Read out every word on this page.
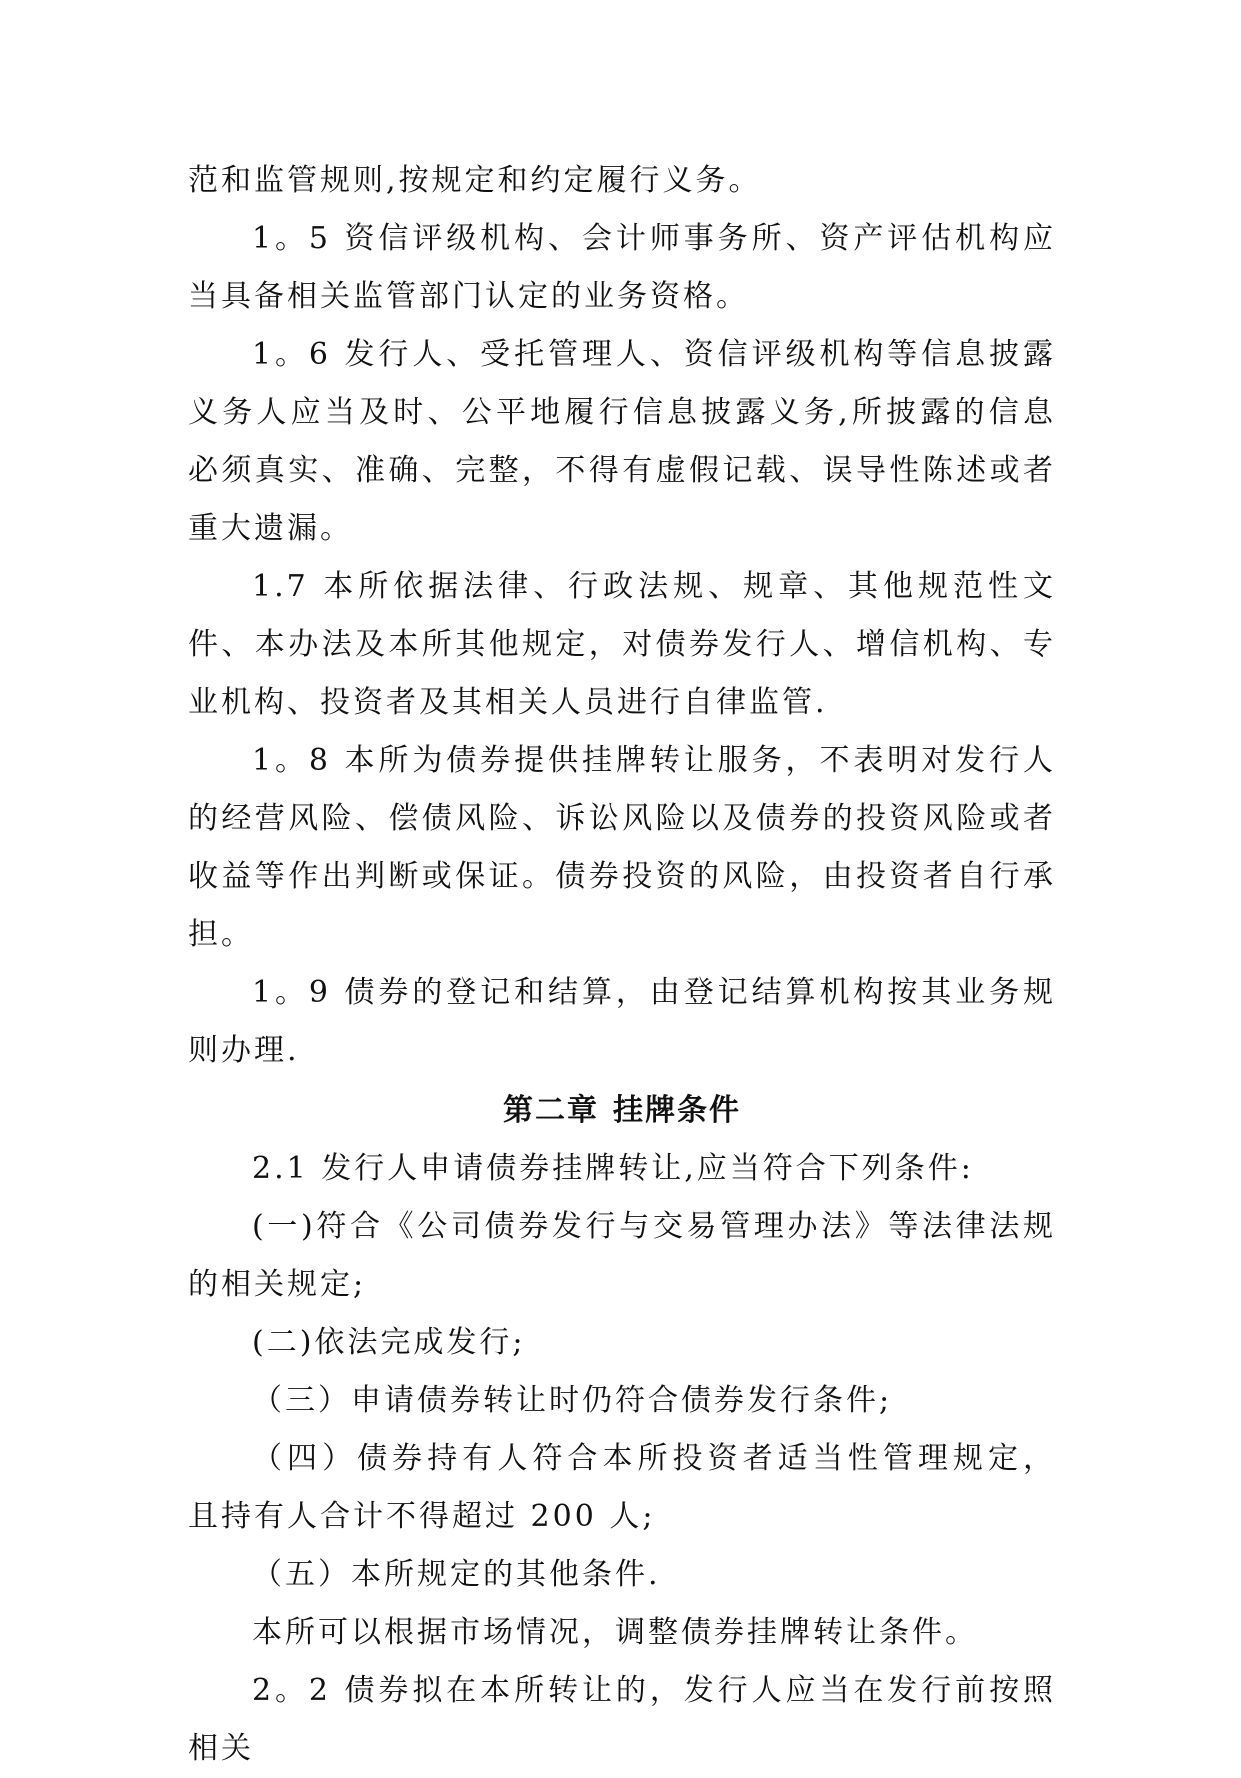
范和监管规则,按规定和约定履行义务。

1。5 资信评级机构、会计师事务所、资产评估机构应当具备相关监管部门认定的业务资格。

1。6 发行人、受托管理人、资信评级机构等信息披露义务人应当及时、公平地履行信息披露义务,所披露的信息必须真实、准确、完整，不得有虚假记载、误导性陈述或者重大遗漏。

1.7 本所依据法律、行政法规、规章、其他规范性文件、本办法及本所其他规定，对债券发行人、增信机构、专业机构、投资者及其相关人员进行自律监管.

1。8 本所为债券提供挂牌转让服务，不表明对发行人的经营风险、偿债风险、诉讼风险以及债券的投资风险或者收益等作出判断或保证。债券投资的风险，由投资者自行承担。

1。9 债券的登记和结算，由登记结算机构按其业务规则办理.

第二章 挂牌条件

2.1 发行人申请债券挂牌转让,应当符合下列条件:

(一)符合《公司债券发行与交易管理办法》等法律法规的相关规定;

(二)依法完成发行;

（三）申请债券转让时仍符合债券发行条件;

（四）债券持有人符合本所投资者适当性管理规定， 且持有人合计不得超过 200 人;

（五）本所规定的其他条件.

本所可以根据市场情况，调整债券挂牌转让条件。

2。2 债券拟在本所转让的，发行人应当在发行前按照相关
